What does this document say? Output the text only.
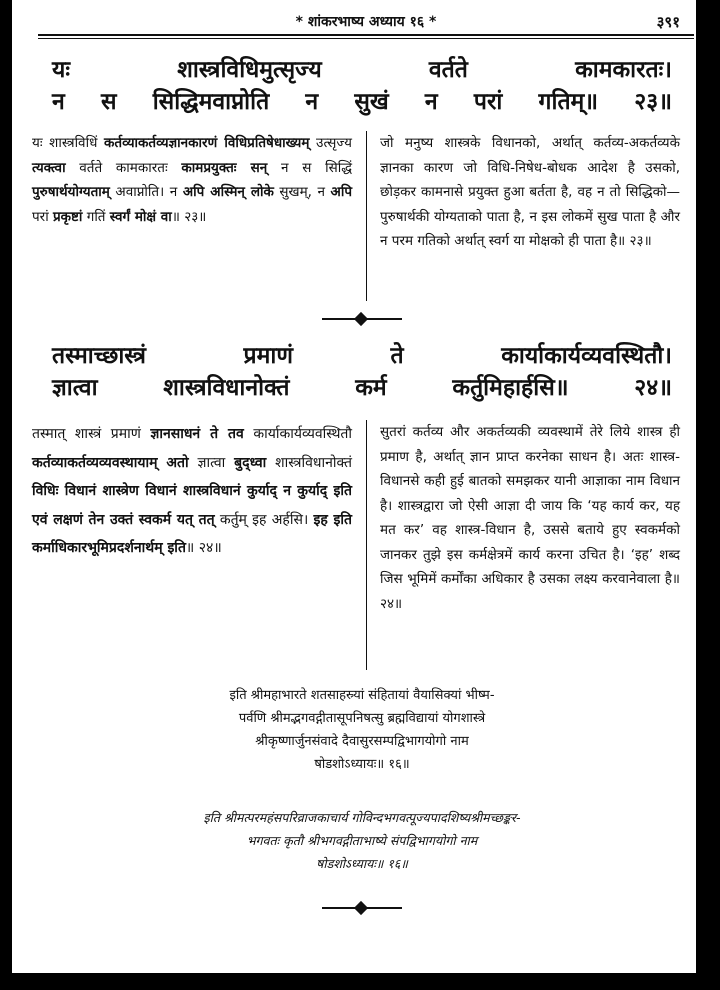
* शांकरभाष्य अध्याय १६ *	३९१
यः शास्त्रविधिमुत्सृज्य वर्तते कामकारतः।
न स सिद्धिमवाप्नोति न सुखं न परां गतिम्॥ २३॥

यः शास्त्रविधिं कर्तव्याकर्तव्यज्ञानकारणं विधिप्रतिषेधाख्यम् उत्सृज्य त्यक्त्वा वर्तते कामकारतः कामप्रयुक्तः सन् न स सिद्धिं पुरुषार्थयोग्यताम् अवाप्नोति। न अपि अस्मिन् लोके सुखम्, न अपि परां प्रकृष्टां गतिं स्वर्गं मोक्षं वा॥ २३॥

जो मनुष्य शास्त्रके विधानको, अर्थात् कर्तव्य-अकर्तव्यके ज्ञानका कारण जो विधि-निषेध-बोधक आदेश है उसको, छोड़कर कामनासे प्रयुक्त हुआ बर्तता है, वह न तो सिद्धिको—पुरुषार्थकी योग्यताको पाता है, न इस लोकमें सुख पाता है और न परम गतिको अर्थात् स्वर्ग या मोक्षको ही पाता है॥ २३॥

तस्माच्छास्त्रं प्रमाणं ते कार्याकार्यव्यवस्थितौ।
ज्ञात्वा शास्त्रविधानोक्तं कर्म कर्तुमिहार्हसि॥ २४॥

तस्मात् शास्त्रं प्रमाणं ज्ञानसाधनं ते तव कार्याकार्यव्यवस्थितौ कर्तव्याकर्तव्यव्यवस्थायाम् अतो ज्ञात्वा बुद्ध्वा शास्त्रविधानोक्तं विधिः विधानं शास्त्रेण विधानं शास्त्रविधानं कुर्याद् न कुर्याद् इति एवं लक्षणं तेन उक्तं स्वकर्म यत् तत् कर्तुम् इह अर्हसि। इह इति कर्माधिकारभूमिप्रदर्शनार्थम् इति॥ २४॥

सुतरां कर्तव्य और अकर्तव्यकी व्यवस्थामें तेरे लिये शास्त्र ही प्रमाण है, अर्थात् ज्ञान प्राप्त करनेका साधन है। अतः शास्त्र-विधानसे कही हुई बातको समझकर यानी आज्ञाका नाम विधान है। शास्त्रद्वारा जो ऐसी आज्ञा दी जाय कि ‘यह कार्य कर, यह मत कर’ वह शास्त्र-विधान है, उससे बताये हुए स्वकर्मको जानकर तुझे इस कर्मक्षेत्रमें कार्य करना उचित है। ‘इह’ शब्द जिस भूमिमें कर्मोंका अधिकार है उसका लक्ष्य करवानेवाला है॥ २४॥

इति श्रीमहाभारते शतसाहस्र्यां संहितायां वैयासिक्यां भीष्म-
पर्वणि श्रीमद्भगवद्गीतासूपनिषत्सु ब्रह्मविद्यायां योगशास्त्रे
श्रीकृष्णार्जुनसंवादे दैवासुरसम्पद्विभागयोगो नाम
षोडशोऽध्यायः॥ १६॥
इति श्रीमत्परमहंसपरिव्राजकाचार्य गोविन्दभगवत्पूज्यपादशिष्यश्रीमच्छङ्कर-
भगवतः कृतौ श्रीभगवद्गीताभाष्ये संपद्विभागयोगो नाम
षोडशोऽध्यायः॥ १६॥
